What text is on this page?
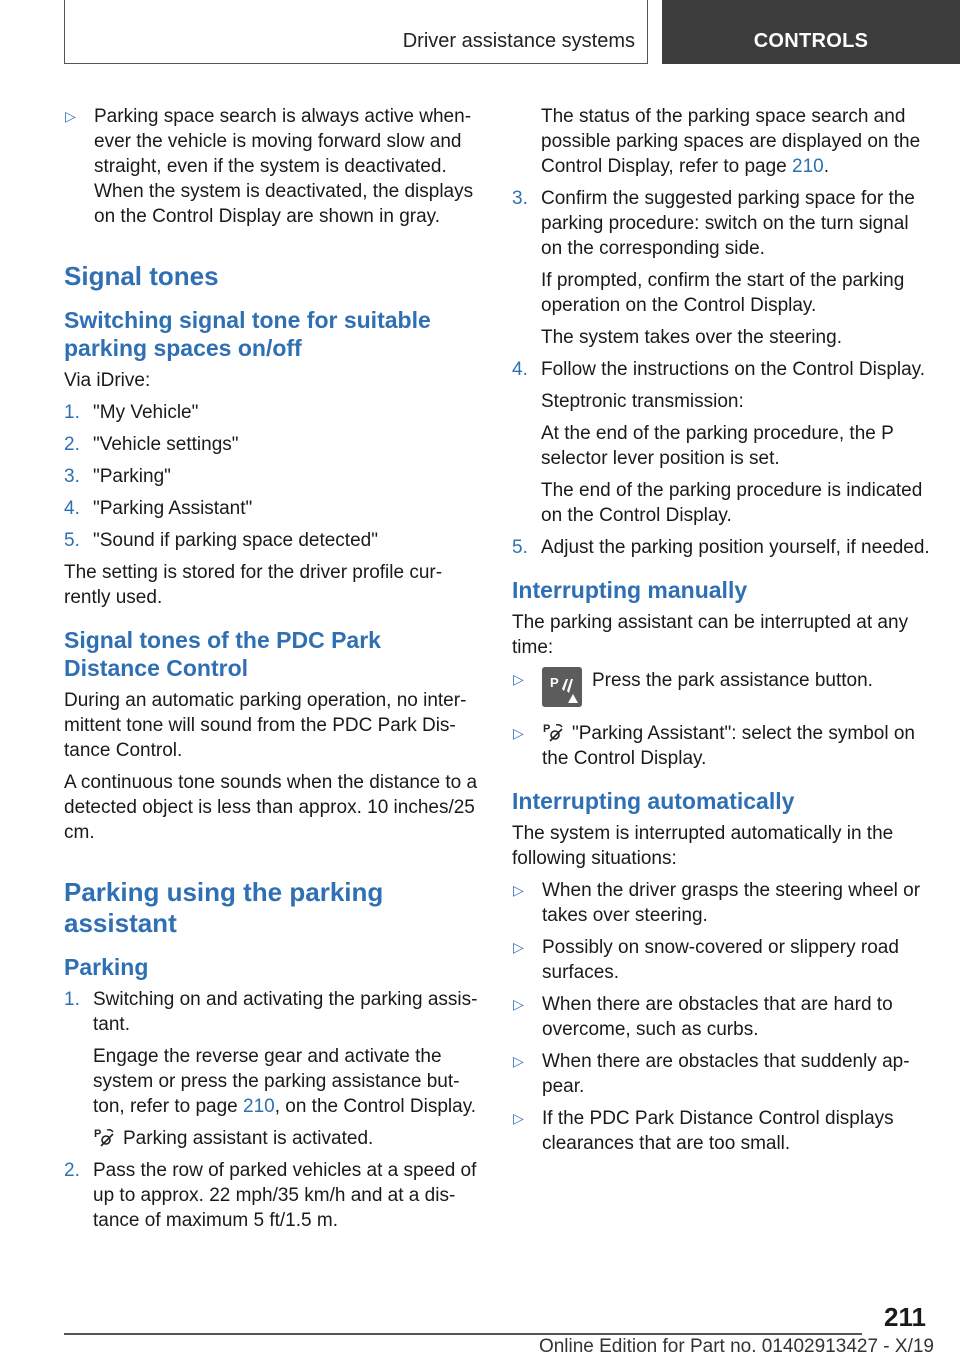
Driver assistance systems	CONTROLS
▷ Parking space search is always active whenever the vehicle is moving forward slow and straight, even if the system is deactivated. When the system is deactivated, the displays on the Control Display are shown in gray.

Signal tones
Switching signal tone for suitable parking spaces on/off

Via iDrive:

1. "My Vehicle"

2. "Vehicle settings"

3. "Parking"

4. "Parking Assistant"

5. "Sound if parking space detected"

The setting is stored for the driver profile currently used.

Signal tones of the PDC Park Distance Control

During an automatic parking operation, no intermittent tone will sound from the PDC Park Distance Control.

A continuous tone sounds when the distance to a detected object is less than approx. 10 inches/25 cm.

Parking using the parking assistant
Parking
1. Switching on and activating the parking assistant.

Engage the reverse gear and activate the system or press the parking assistance button, refer to page 210, on the Control Display.

P Parking assistant is activated.

2. Pass the row of parked vehicles at a speed of up to approx. 22 mph/35 km/h and at a distance of maximum 5 ft/1.5 m.

The status of the parking space search and possible parking spaces are displayed on the Control Display, refer to page 210.

3. Confirm the suggested parking space for the parking procedure: switch on the turn signal on the corresponding side.

If prompted, confirm the start of the parking operation on the Control Display.

The system takes over the steering.

4. Follow the instructions on the Control Display.

Steptronic transmission:

At the end of the parking procedure, the P selector lever position is set.

The end of the parking procedure is indicated on the Control Display.

5. Adjust the parking position yourself, if needed.

Interrupting manually

The parking assistant can be interrupted at any time:

▷	P Press the park assistance button.

▷	P "Parking Assistant": select the symbol on the Control Display.

Interrupting automatically

The system is interrupted automatically in the following situations:

▷ When the driver grasps the steering wheel or takes over steering.

▷ Possibly on snow-covered or slippery road surfaces.

▷ When there are obstacles that are hard to overcome, such as curbs.

▷ When there are obstacles that suddenly appear.

▷ If the PDC Park Distance Control displays clearances that are too small.

211
Online Edition for Part no. 01402913427 - X/19
